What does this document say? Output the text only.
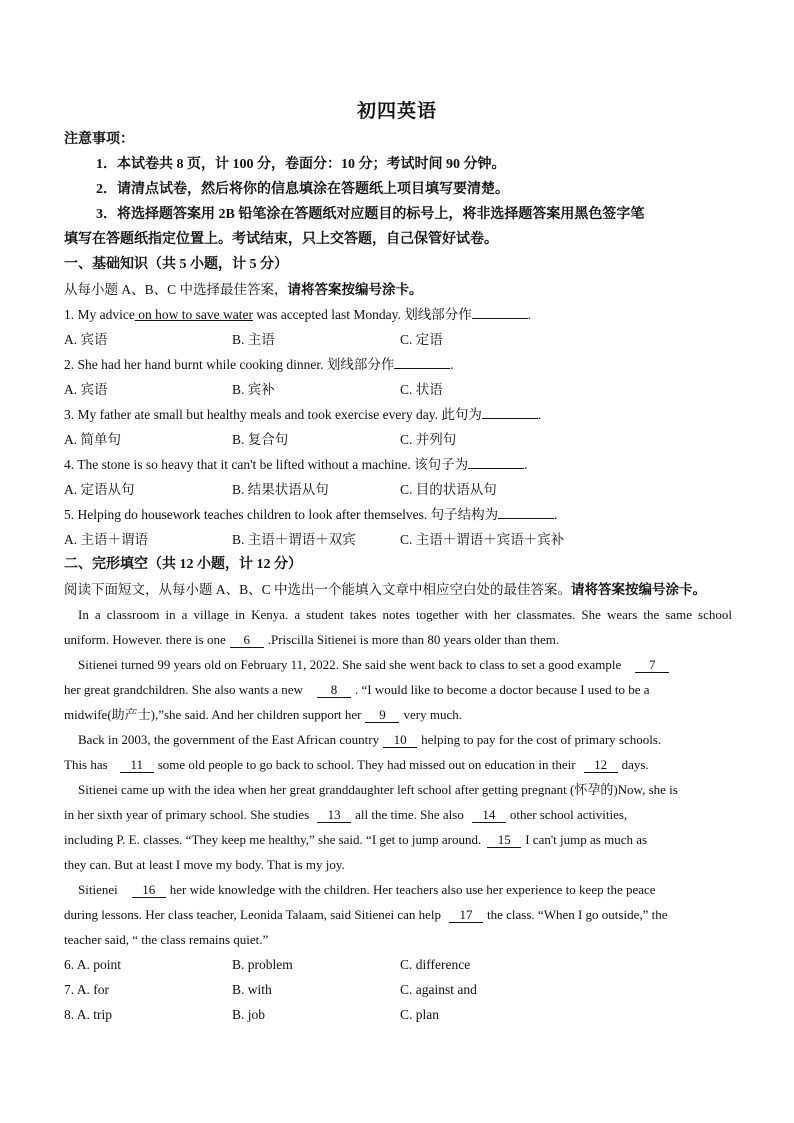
初四英语
注意事项：
1．本试卷共 8 页，计 100 分，卷面分：10 分；考试时间 90 分钟。
2．请清点试卷，然后将你的信息填涂在答题纸上项目填写要清楚。
3．将选择题答案用 2B 铅笔涂在答题纸对应题目的标号上，将非选择题答案用黑色签字笔
填写在答题纸指定位置上。考试结束，只上交答题，自己保管好试卷。
一、基础知识（共 5 小题，计 5 分）
从每小题 A、B、C 中选择最佳答案，请将答案按编号涂卡。
1. My advice on how to save water was accepted last Monday. 划线部分作	.
A. 宾语	B. 主语	C. 定语
2. She had her hand burnt while cooking dinner. 划线部分作	.
A. 宾语	B. 宾补	C. 状语
3. My father ate small but healthy meals and took exercise every day. 此句为	.
A. 简单句	B. 复合句	C. 并列句
4. The stone is so heavy that it can't be lifted without a machine. 该句子为	.
A. 定语从句	B. 结果状语从句	C. 目的状语从句
5. Helping do housework teaches children to look after themselves. 句子结构为	.
A. 主语＋谓语	B. 主语＋谓语＋双宾	C. 主语＋谓语＋宾语＋宾补
二、完形填空（共 12 小题，计 12 分）
阅读下面短文，从每小题 A、B、C 中选出一个能填入文章中相应空白处的最佳答案。请将答案按编号涂卡。
In a classroom in a village in Kenya. a student takes notes together with her classmates. She wears the same school
uniform. However. there is one 6 .Priscilla Sitienei is more than 80 years older than them.
Sitienei turned 99 years old on February 11, 2022. She said she went back to class to set a good example 7
her great grandchildren. She also wants a new 8 . “I would like to become a doctor because I used to be a
midwife(助产士),”she said. And her children support her 9 very much.
Back in 2003, the government of the East African country 10 helping to pay for the cost of primary schools.
This has 11 some old people to go back to school. They had missed out on education in their 12 days.
Sitienei came up with the idea when her great granddaughter left school after getting pregnant (怀孕的)Now, she is
in her sixth year of primary school. She studies 13 all the time. She also 14 other school activities,
including P. E. classes. “They keep me healthy,” she said. “I get to jump around. 15 I can't jump as much as
they can. But at least I move my body. That is my joy.
Sitienei 16 her wide knowledge with the children. Her teachers also use her experience to keep the peace
during lessons. Her class teacher, Leonida Talaam, said Sitienei can help 17 the class. “When I go outside,” the
teacher said, “ the class remains quiet.”
6. A. point	B. problem	C. difference
7. A. for	B. with	C. against and
8. A. trip	B. job	C. plan
